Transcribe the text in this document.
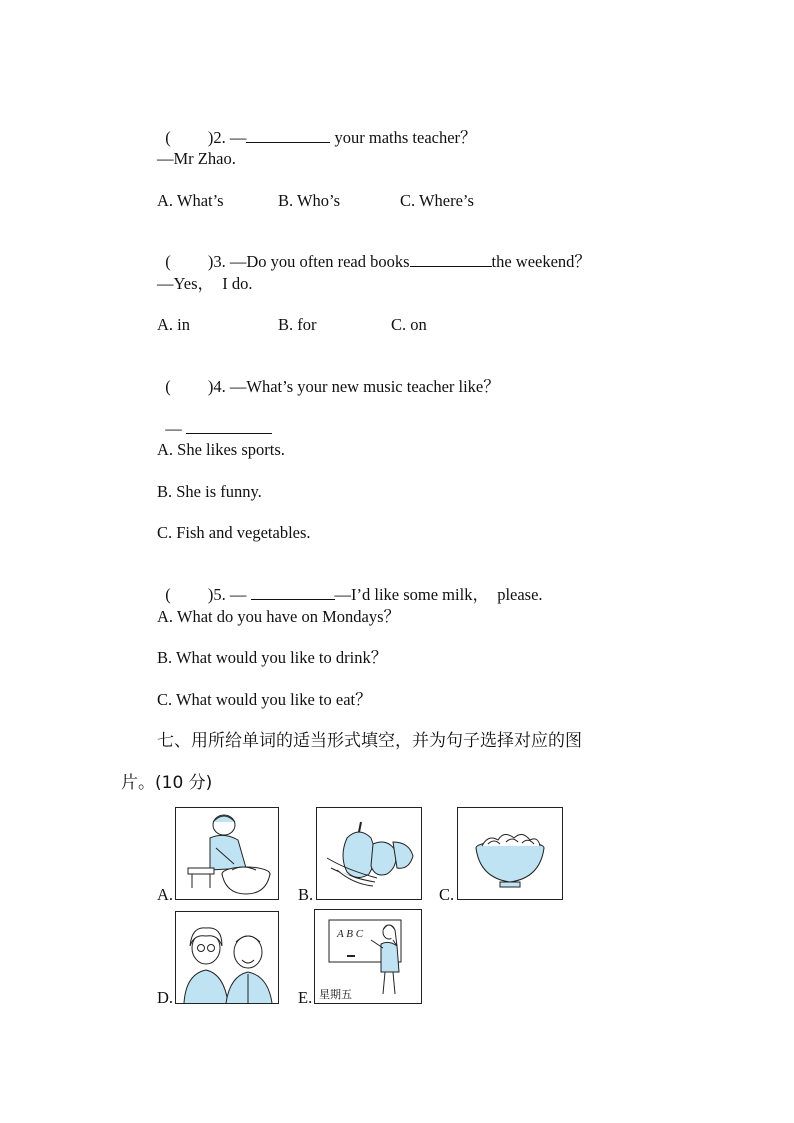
(         )2. —	your maths teacher？

—Mr Zhao.

A. What’s

	B. Who’s

	C. Where’s

(         )3. —Do you often read books	the weekend？

—Yes，  I do.

A. in

	B. for

	C. on

(         )4. —What’s your new music teacher like？

—

A. She likes sports.
B. She is funny.
C. Fish and vegetables.

(         )5. —	—I’d like some milk，  please.

A. What do you have on Mondays？
B. What would you like to drink？
C. What would you like to eat？
七、用所给单词的适当形式填空，并为句子选择对应的图
片。(10 分)
A.	B.	C.
D.	E.
A B C
星期五
